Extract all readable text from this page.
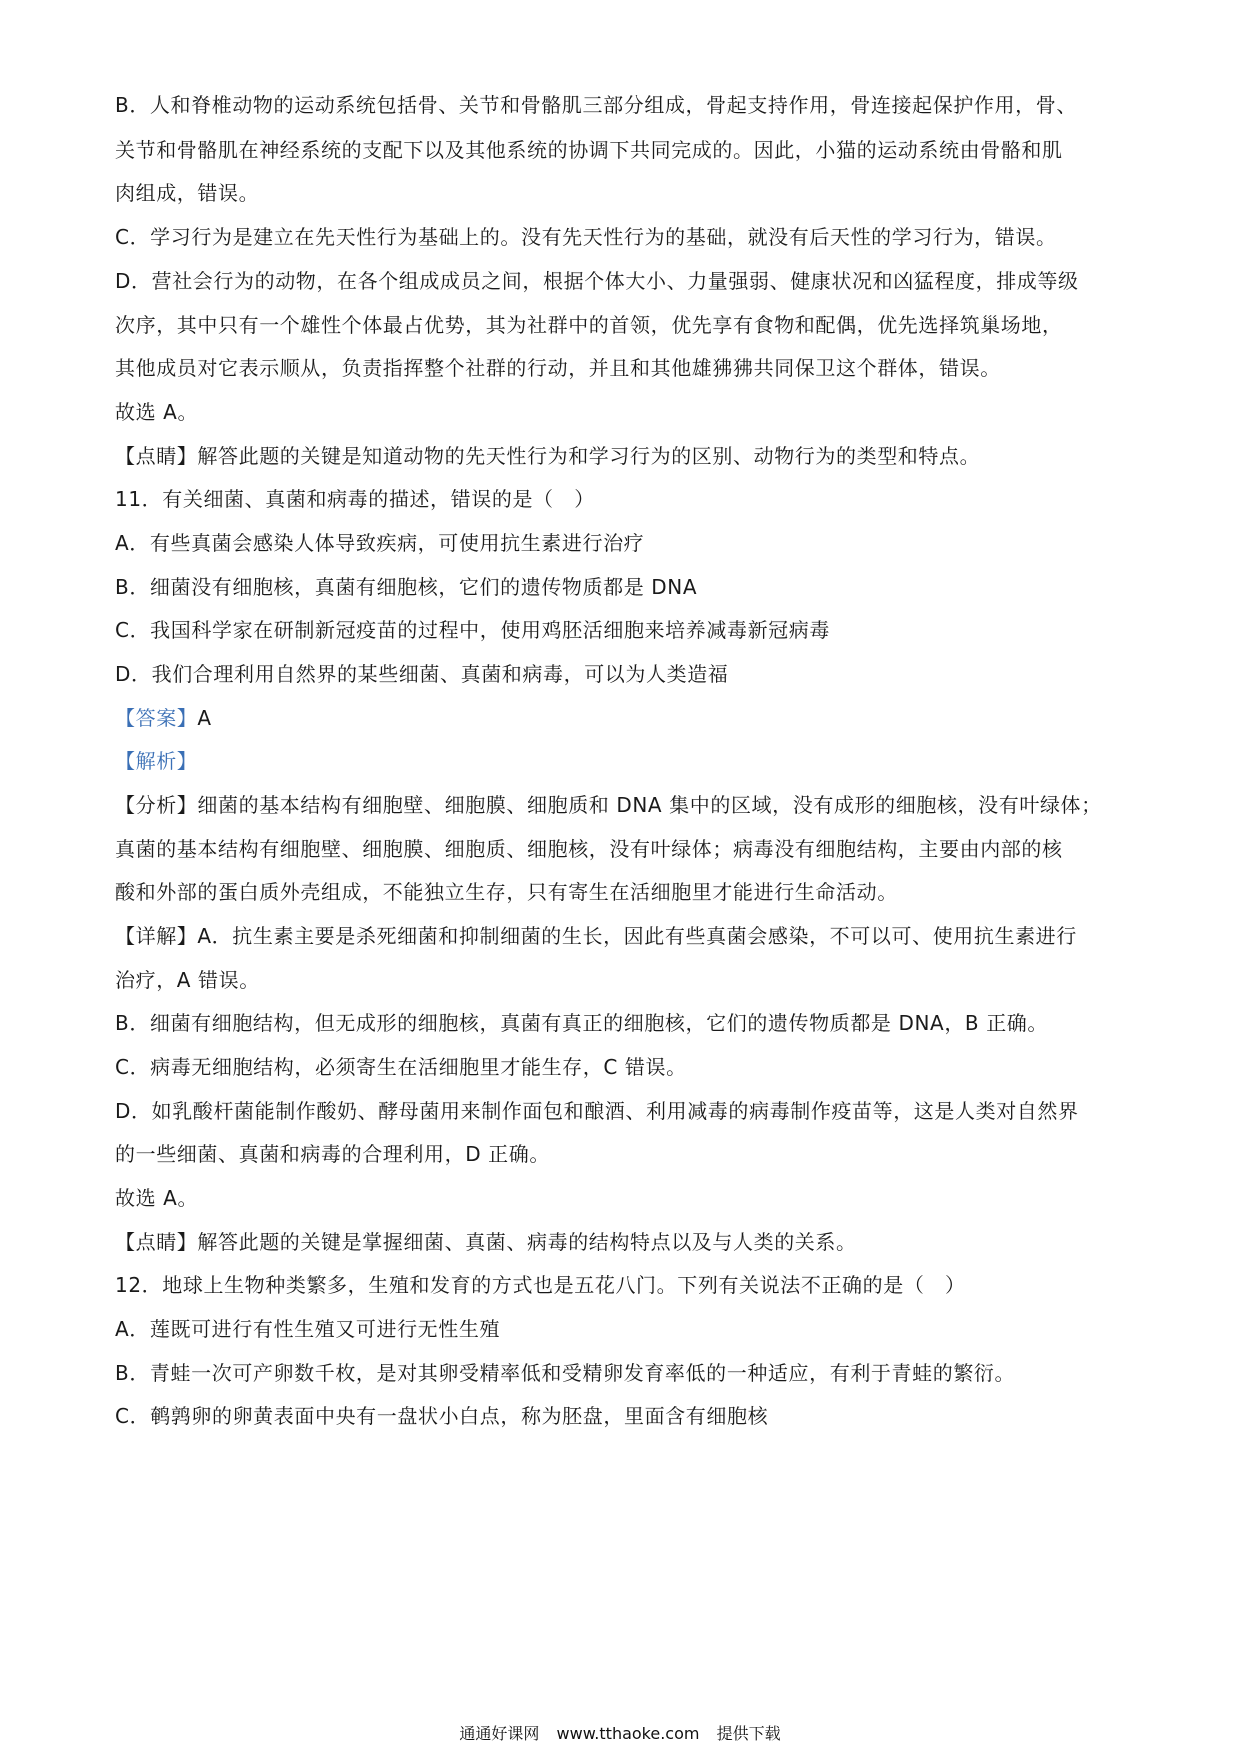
B．人和脊椎动物的运动系统包括骨、关节和骨骼肌三部分组成，骨起支持作用，骨连接起保护作用，骨、
关节和骨骼肌在神经系统的支配下以及其他系统的协调下共同完成的。因此，小猫的运动系统由骨骼和肌
肉组成，错误。
C．学习行为是建立在先天性行为基础上的。没有先天性行为的基础，就没有后天性的学习行为，错误。
D．营社会行为的动物，在各个组成成员之间，根据个体大小、力量强弱、健康状况和凶猛程度，排成等级
次序，其中只有一个雄性个体最占优势，其为社群中的首领，优先享有食物和配偶，优先选择筑巢场地，
其他成员对它表示顺从，负责指挥整个社群的行动，并且和其他雄狒狒共同保卫这个群体，错误。
故选 A。
【点睛】解答此题的关键是知道动物的先天性行为和学习行为的区别、动物行为的类型和特点。
11．有关细菌、真菌和病毒的描述，错误的是（　）
A．有些真菌会感染人体导致疾病，可使用抗生素进行治疗
B．细菌没有细胞核，真菌有细胞核，它们的遗传物质都是 DNA
C．我国科学家在研制新冠疫苗的过程中，使用鸡胚活细胞来培养减毒新冠病毒
D．我们合理利用自然界的某些细菌、真菌和病毒，可以为人类造福
【答案】A
【解析】
【分析】细菌的基本结构有细胞壁、细胞膜、细胞质和 DNA 集中的区域，没有成形的细胞核，没有叶绿体；
真菌的基本结构有细胞壁、细胞膜、细胞质、细胞核，没有叶绿体；病毒没有细胞结构，主要由内部的核
酸和外部的蛋白质外壳组成，不能独立生存，只有寄生在活细胞里才能进行生命活动。
【详解】A．抗生素主要是杀死细菌和抑制细菌的生长，因此有些真菌会感染，不可以可、使用抗生素进行
治疗，A 错误。
B．细菌有细胞结构，但无成形的细胞核，真菌有真正的细胞核，它们的遗传物质都是 DNA，B 正确。
C．病毒无细胞结构，必须寄生在活细胞里才能生存，C 错误。
D．如乳酸杆菌能制作酸奶、酵母菌用来制作面包和酿酒、利用减毒的病毒制作疫苗等，这是人类对自然界
的一些细菌、真菌和病毒的合理利用，D 正确。
故选 A。
【点睛】解答此题的关键是掌握细菌、真菌、病毒的结构特点以及与人类的关系。
12．地球上生物种类繁多，生殖和发育的方式也是五花八门。下列有关说法不正确的是（　）
A．莲既可进行有性生殖又可进行无性生殖
B．青蛙一次可产卵数千枚，是对其卵受精率低和受精卵发育率低的一种适应，有利于青蛙的繁衍。
C．鹌鹑卵的卵黄表面中央有一盘状小白点，称为胚盘，里面含有细胞核
通通好课网 www.tthaoke.com 提供下载
